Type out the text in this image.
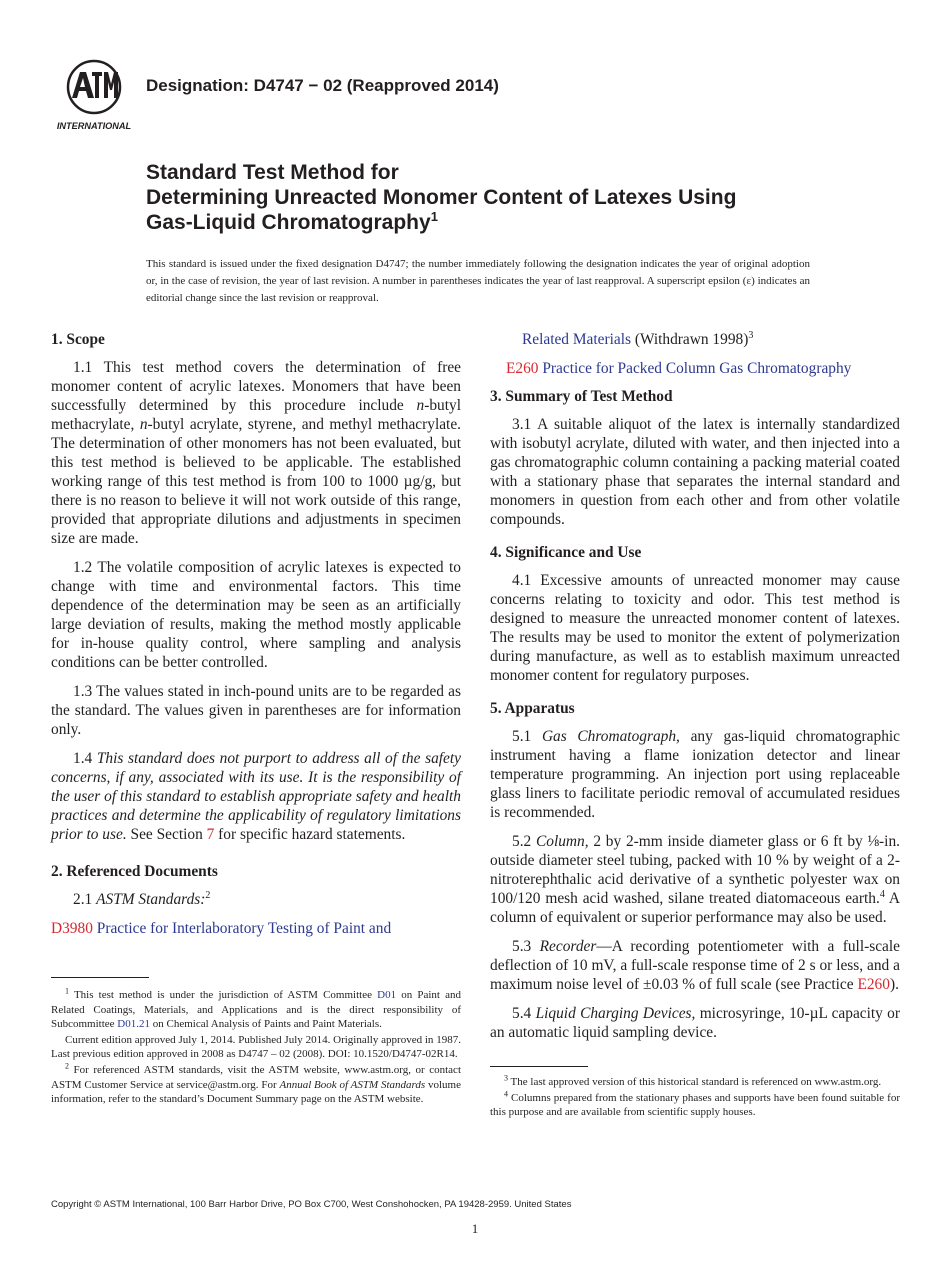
INTERNATIONAL
Designation: D4747 − 02 (Reapproved 2014)
Standard Test Method for
Determining Unreacted Monomer Content of Latexes Using
Gas-Liquid Chromatography$^1$
This standard is issued under the fixed designation D4747; the number immediately following the designation indicates the year of original adoption or, in the case of revision, the year of last revision. A number in parentheses indicates the year of last reapproval. A superscript epsilon (ε) indicates an editorial change since the last revision or reapproval.
1. Scope

1.1 This test method covers the determination of free monomer content of acrylic latexes. Monomers that have been successfully determined by this procedure include n-butyl methacrylate, n-butyl acrylate, styrene, and methyl methacrylate. The determination of other monomers has not been evaluated, but this test method is believed to be applicable. The established working range of this test method is from 100 to 1000 µg/g, but there is no reason to believe it will not work outside of this range, provided that appropriate dilutions and adjustments in specimen size are made.

1.2 The volatile composition of acrylic latexes is expected to change with time and environmental factors. This time dependence of the determination may be seen as an artificially large deviation of results, making the method mostly applicable for in-house quality control, where sampling and analysis conditions can be better controlled.

1.3 The values stated in inch-pound units are to be regarded as the standard. The values given in parentheses are for information only.

1.4 This standard does not purport to address all of the safety concerns, if any, associated with its use. It is the responsibility of the user of this standard to establish appropriate safety and health practices and determine the applicability of regulatory limitations prior to use. See Section 7 for specific hazard statements.

2. Referenced Documents

2.1 ASTM Standards:$^2$

D3980 Practice for Interlaboratory Testing of Paint and

Related Materials (Withdrawn 1998)$^3$

E260 Practice for Packed Column Gas Chromatography

3. Summary of Test Method

3.1 A suitable aliquot of the latex is internally standardized with isobutyl acrylate, diluted with water, and then injected into a gas chromatographic column containing a packing material coated with a stationary phase that separates the internal standard and monomers in question from each other and from other volatile compounds.

4. Significance and Use

4.1 Excessive amounts of unreacted monomer may cause concerns relating to toxicity and odor. This test method is designed to measure the unreacted monomer content of latexes. The results may be used to monitor the extent of polymerization during manufacture, as well as to establish maximum unreacted monomer content for regulatory purposes.

5. Apparatus

5.1 Gas Chromatograph, any gas-liquid chromatographic instrument having a flame ionization detector and linear temperature programming. An injection port using replaceable glass liners to facilitate periodic removal of accumulated residues is recommended.

5.2 Column, 2 by 2-mm inside diameter glass or 6 ft by ⅛-in. outside diameter steel tubing, packed with 10 % by weight of a 2-nitroterephthalic acid derivative of a synthetic polyester wax on 100/120 mesh acid washed, silane treated diatomaceous earth.$^4$ A column of equivalent or superior performance may also be used.

5.3 Recorder—A recording potentiometer with a full-scale deflection of 10 mV, a full-scale response time of 2 s or less, and a maximum noise level of ±0.03 % of full scale (see Practice E260).

5.4 Liquid Charging Devices, microsyringe, 10-µL capacity or an automatic liquid sampling device.

$^1$ This test method is under the jurisdiction of ASTM Committee D01 on Paint and Related Coatings, Materials, and Applications and is the direct responsibility of Subcommittee D01.21 on Chemical Analysis of Paints and Paint Materials.

Current edition approved July 1, 2014. Published July 2014. Originally approved in 1987. Last previous edition approved in 2008 as D4747 – 02 (2008). DOI: 10.1520/D4747-02R14.

$^2$ For referenced ASTM standards, visit the ASTM website, www.astm.org, or contact ASTM Customer Service at service@astm.org. For Annual Book of ASTM Standards volume information, refer to the standard’s Document Summary page on the ASTM website.

$^3$ The last approved version of this historical standard is referenced on www.astm.org.

$^4$ Columns prepared from the stationary phases and supports have been found suitable for this purpose and are available from scientific supply houses.

Copyright © ASTM International, 100 Barr Harbor Drive, PO Box C700, West Conshohocken, PA 19428-2959. United States
1
